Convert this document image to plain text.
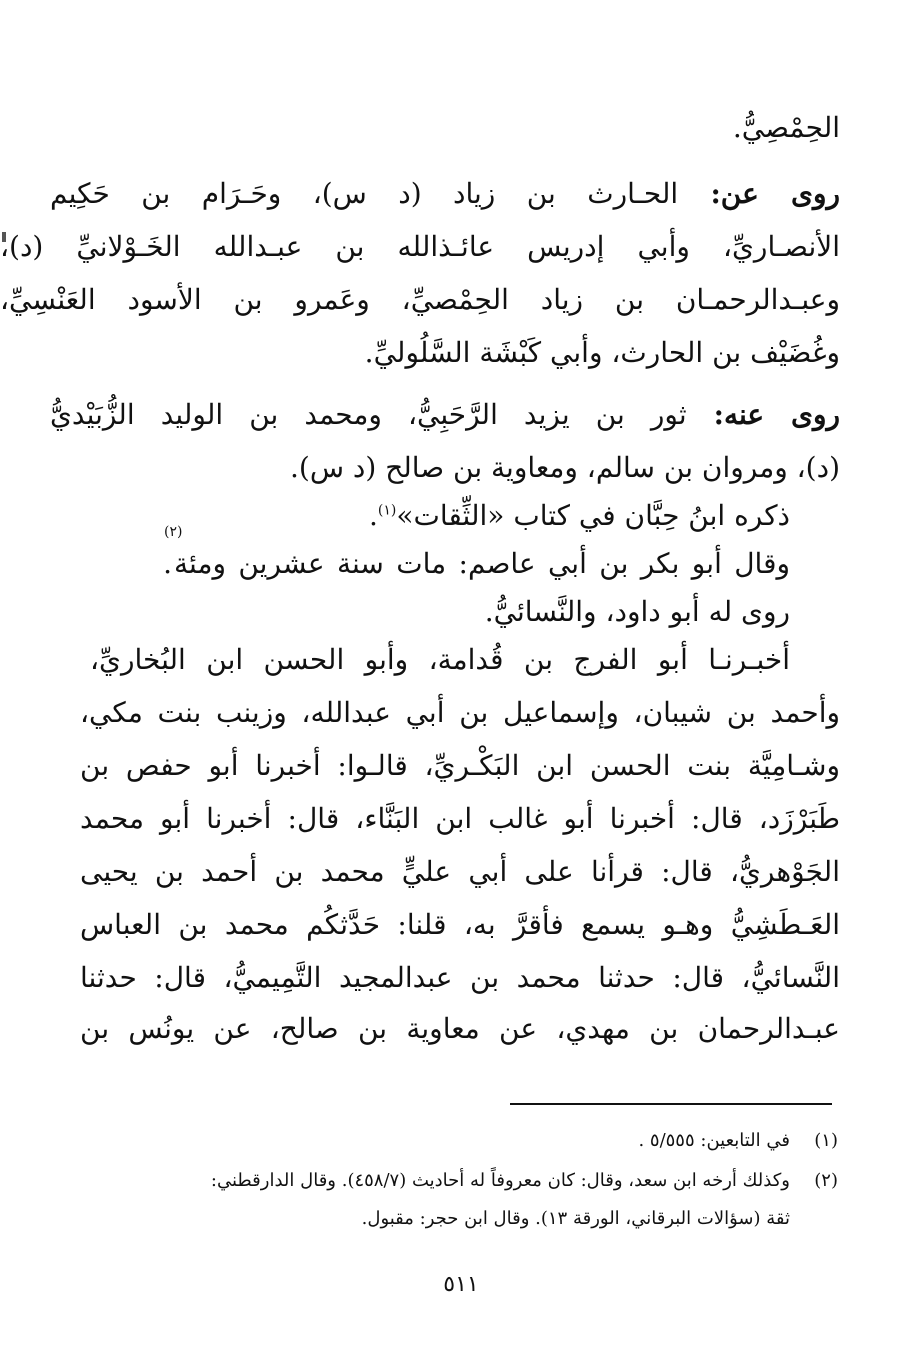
الحِمْصِيُّ.
روى عن: الحـارث بن زياد (د س)، وحَـرَام بن حَكِيم
الأنصـاريِّ، وأبي إدريس عائـذالله بن عبـدالله الخَـوْلانيِّ (د)،
وعبـدالرحمـان بن زياد الحِمْصيِّ، وعَمرو بن الأسود العَنْسِيِّ،
وغُضَيْف بن الحارث، وأبي كَبْشَة السَّلُوليِّ.
روى عنه: ثور بن يزيد الرَّحَبِيُّ، ومحمد بن الوليد الزُّبَيْديُّ
(د)، ومروان بن سالم، ومعاوية بن صالح (د س).
ذكره ابنُ حِبَّان في كتاب «الثِّقات»$^{(١)}$.
وقال أبو بكر بن أبي عاصم: مات سنة عشرين ومئة
(٢)
.
روى له أبو داود، والنَّسائيُّ.
أخبـرنـا أبو الفرج بن قُدامة، وأبو الحسن ابن البُخاريِّ،
وأحمد بن شيبان، وإسماعيل بن أبي عبدالله، وزينب بنت مكي،
وشـامِيَّة بنت الحسن ابن البَكْـريِّ، قالـوا: أخبرنا أبو حفص بن
طَبَرْزَد، قال: أخبرنا أبو غالب ابن البَنَّاء، قال: أخبرنا أبو محمد
الجَوْهريُّ، قال: قرأنا على أبي عليٍّ محمد بن أحمد بن يحيى
العَـطَشِيُّ وهـو يسمع فأقرَّ به، قلنا: حَدَّثكُم محمد بن العباس
النَّسائيُّ، قال: حدثنا محمد بن عبدالمجيد التَّمِيميُّ، قال: حدثنا
عبـدالرحمان بن مهدي، عن معاوية بن صالح، عن يونُس بن
(١)في التابعين: ٥/٥٥٥ .
(٢)وكذلك أرخه ابن سعد، وقال: كان معروفاً له أحاديث (٤٥٨/٧). وقال الدارقطني:
ثقة (سؤالات البرقاني، الورقة ١٣). وقال ابن حجر: مقبول.
٥١١
